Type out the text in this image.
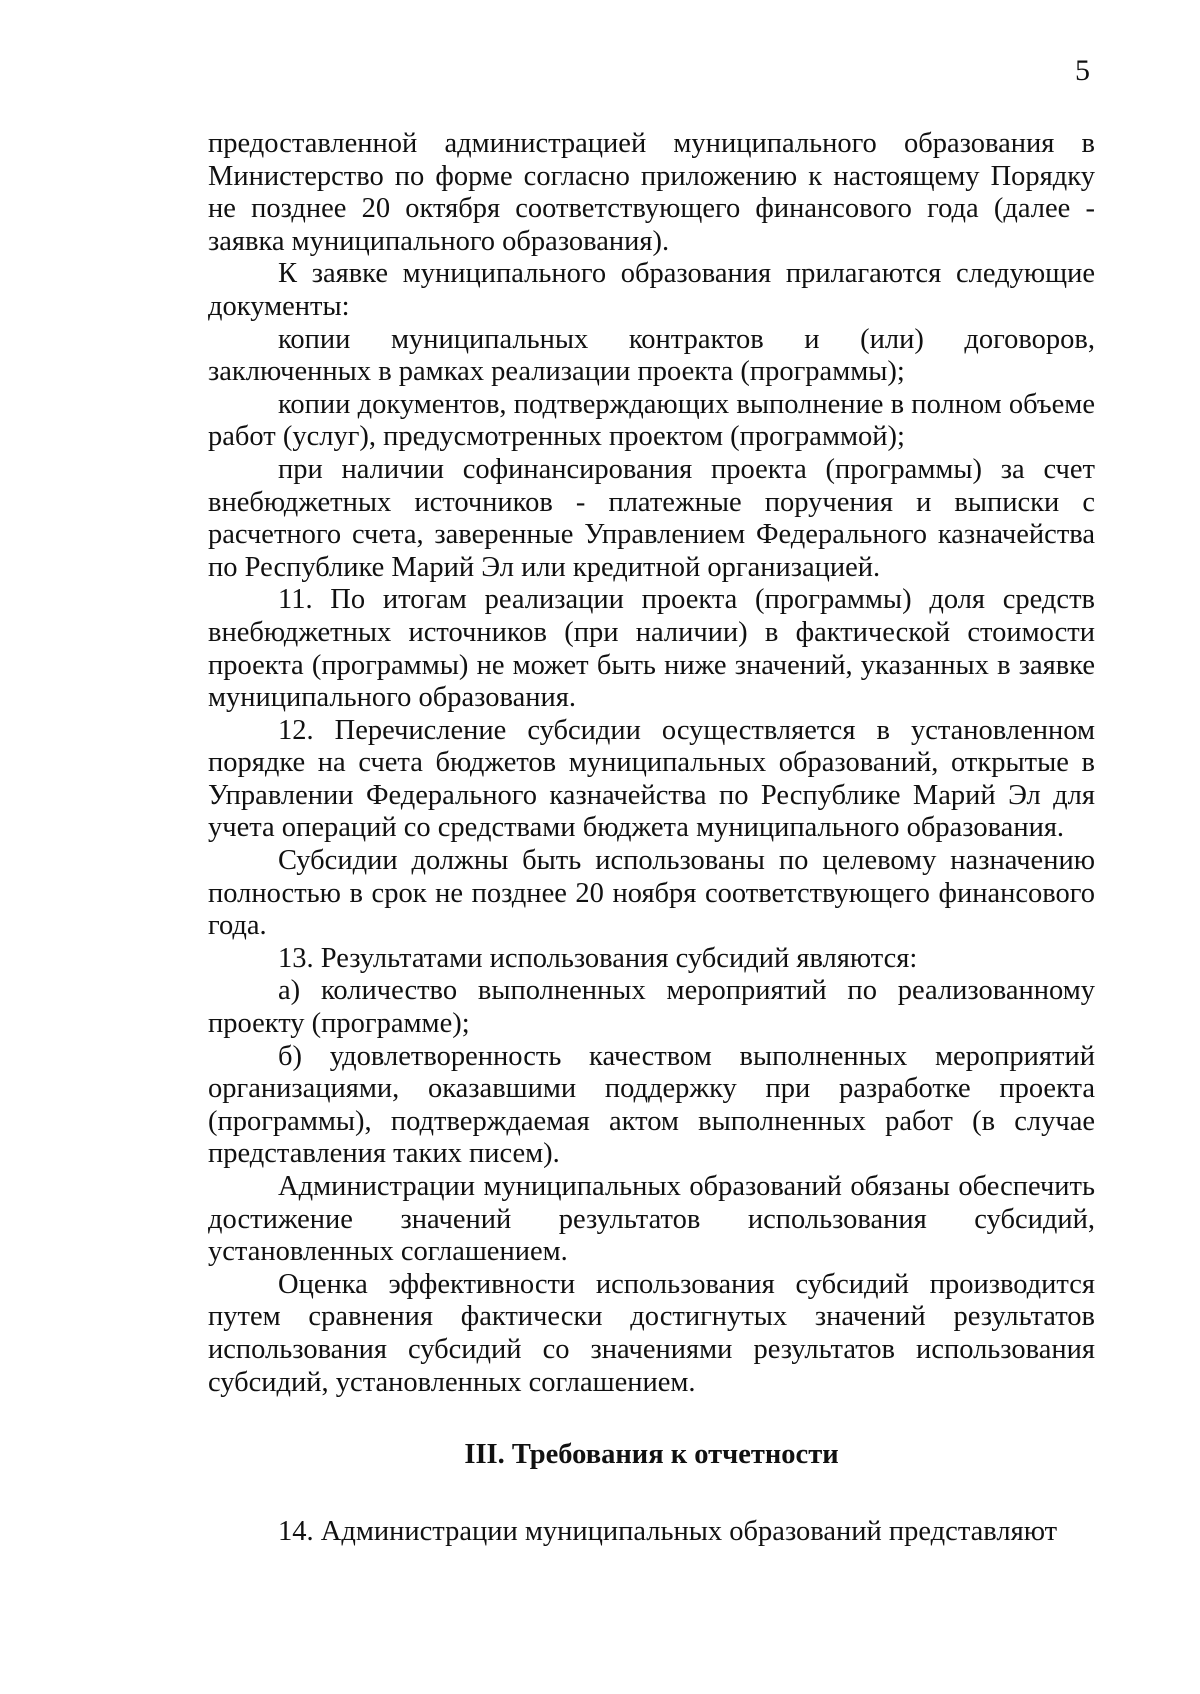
5

предоставленной администрацией муниципального образования в Министерство по форме согласно приложению к настоящему Порядку не позднее 20 октября соответствующего финансового года (далее - заявка муниципального образования).

К заявке муниципального образования прилагаются следующие документы:

копии муниципальных контрактов и (или) договоров, заключенных в рамках реализации проекта (программы);

копии документов, подтверждающих выполнение в полном объеме работ (услуг), предусмотренных проектом (программой);

при наличии софинансирования проекта (программы) за счет внебюджетных источников - платежные поручения и выписки с расчетного счета, заверенные Управлением Федерального казначейства по Республике Марий Эл или кредитной организацией.

11. По итогам реализации проекта (программы) доля средств внебюджетных источников (при наличии) в фактической стоимости проекта (программы) не может быть ниже значений, указанных в заявке муниципального образования.

12. Перечисление субсидии осуществляется в установленном порядке на счета бюджетов муниципальных образований, открытые в Управлении Федерального казначейства по Республике Марий Эл для учета операций со средствами бюджета муниципального образования.

Субсидии должны быть использованы по целевому назначению полностью в срок не позднее 20 ноября соответствующего финансового года.

13. Результатами использования субсидий являются:

а) количество выполненных мероприятий по реализованному проекту (программе);

б) удовлетворенность качеством выполненных мероприятий организациями, оказавшими поддержку при разработке проекта (программы), подтверждаемая актом выполненных работ (в случае представления таких писем).

Администрации муниципальных образований обязаны обеспечить достижение значений результатов использования субсидий, установленных соглашением.

Оценка эффективности использования субсидий производится путем сравнения фактически достигнутых значений результатов использования субсидий со значениями результатов использования субсидий, установленных соглашением.

III. Требования к отчетности

14. Администрации муниципальных образований представляют
